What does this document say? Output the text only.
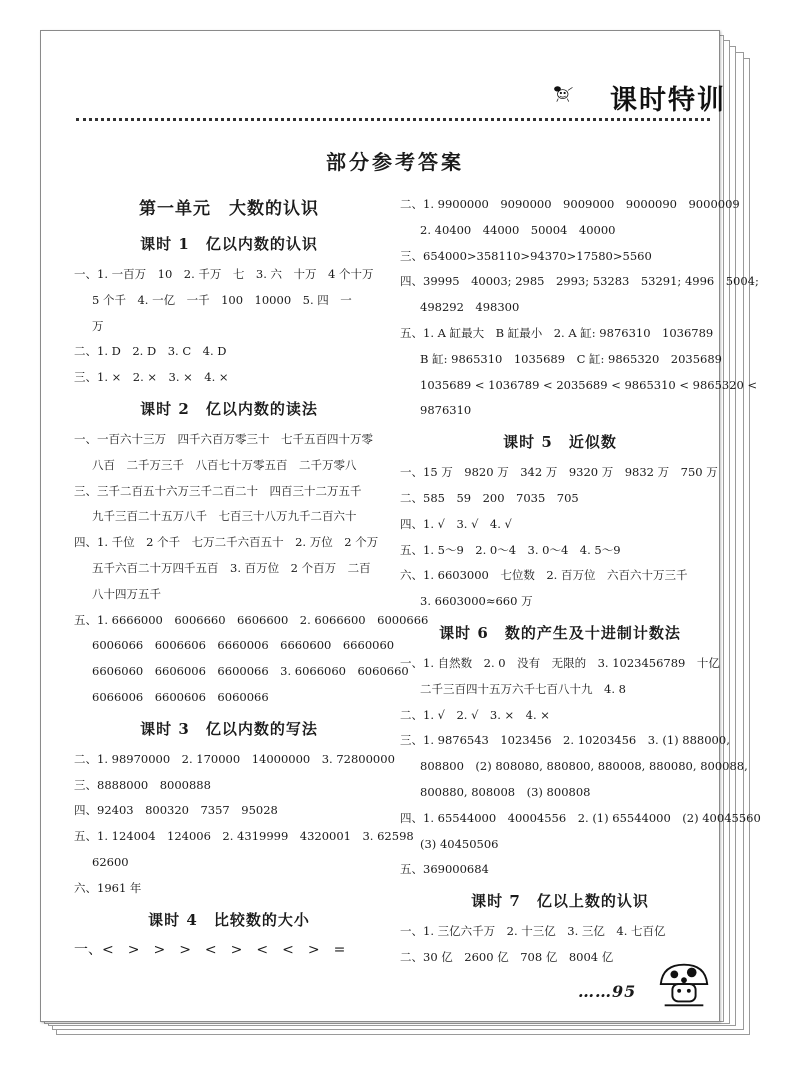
课时特训
部分参考答案
第一单元　大数的认识
课时 1　亿以内数的认识
一、1. 一百万　10　2. 千万　七　3. 六　十万　4 个十万
5 个千　4. 一亿　一千　100　10000　5. 四　一
万
二、1. D　2. D　3. C　4. D
三、1. ×　2. ×　3. ×　4. ×
课时 2　亿以内数的读法
一、一百六十三万　四千六百万零三十　七千五百四十万零
八百　二千万三千　八百七十万零五百　二千万零八
三、三千二百五十六万三千二百二十　四百三十二万五千
九千三百二十五万八千　七百三十八万九千二百六十
四、1. 千位　2 个千　七万二千六百五十　2. 万位　2 个万
五千六百二十万四千五百　3. 百万位　2 个百万　二百
八十四万五千
五、1. 6666000　6006660　6606600　2. 6066600　6000666
6006066　6006606　6660006　6660600　6660060
6606060　6606006　6600066　3. 6066060　6060660
6066006　6600606　6060066
课时 3　亿以内数的写法
二、1. 98970000　2. 170000　14000000　3. 72800000
三、8888000　8000888
四、92403　800320　7357　95028
五、1. 124004　124006　2. 4319999　4320001　3. 62598
62600
六、1961 年
课时 4　比较数的大小
一、<　>　>　>　<　>　<　<　>　=
二、1. 9900000　9090000　9009000　9000090　9000009
2. 40400　44000　50004　40000
三、654000>358110>94370>17580>5560
四、39995　40003; 2985　2993; 53283　53291; 4996　5004;
498292　498300
五、1. A 缸最大　B 缸最小　2. A 缸: 9876310　1036789
B 缸: 9865310　1035689　C 缸: 9865320　2035689
1035689 < 1036789 < 2035689 < 9865310 < 9865320 <
9876310
课时 5　近似数
一、15 万　9820 万　342 万　9320 万　9832 万　750 万
二、585　59　200　7035　705
四、1. √　3. √　4. √
五、1. 5～9　2. 0～4　3. 0～4　4. 5～9
六、1. 6603000　七位数　2. 百万位　六百六十万三千
3. 6603000≈660 万
课时 6　数的产生及十进制计数法
一、1. 自然数　2. 0　没有　无限的　3. 1023456789　十亿
二千三百四十五万六千七百八十九　4. 8
二、1. √　2. √　3. ×　4. ×
三、1. 9876543　1023456　2. 10203456　3. (1) 888000,
808800　(2) 808080, 880800, 880008, 880080, 800088,
800880, 808008　(3) 800808
四、1. 65544000　40004556　2. (1) 65544000　(2) 40045560
(3) 40450506
五、369000684
课时 7　亿以上数的认识
一、1. 三亿六千万　2. 十三亿　3. 三亿　4. 七百亿
二、30 亿　2600 亿　708 亿　8004 亿
……95
